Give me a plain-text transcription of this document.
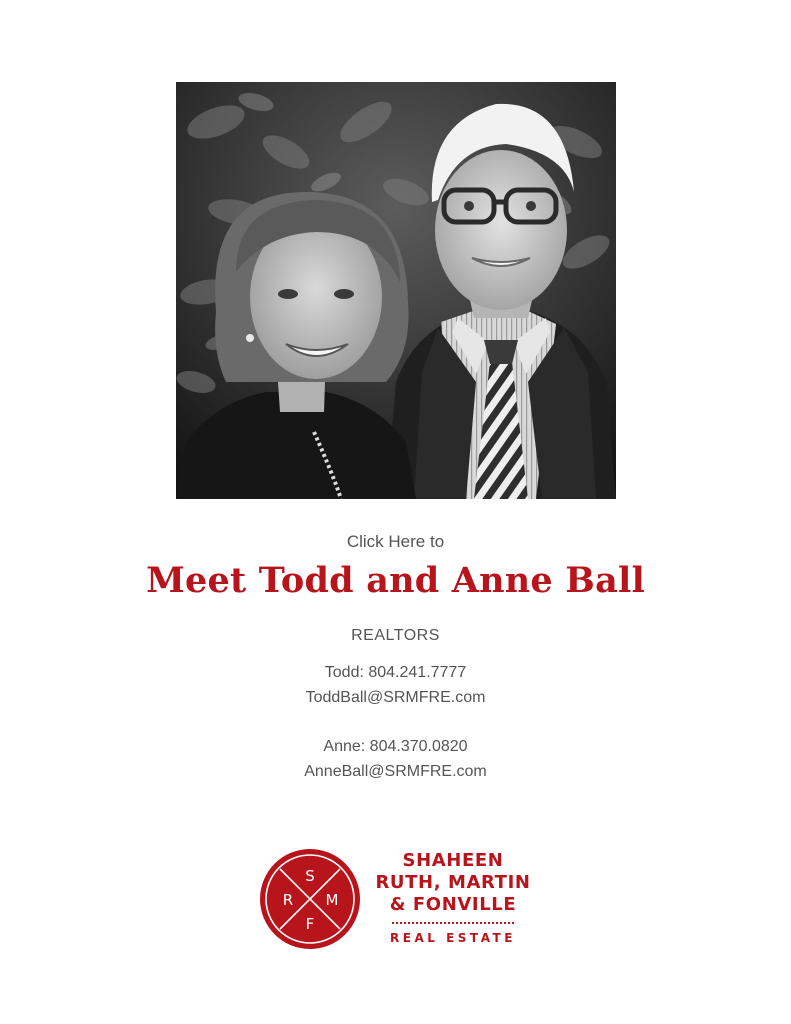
Click Here to
Meet Todd and Anne Ball
REALTORS
Todd: 804.241.7777
ToddBall@SRMFRE.com
Anne: 804.370.0820
AnneBall@SRMFRE.com
S
R M
F
SHAHEEN
RUTH, MARTIN
& FONVILLE
REAL ESTATE
